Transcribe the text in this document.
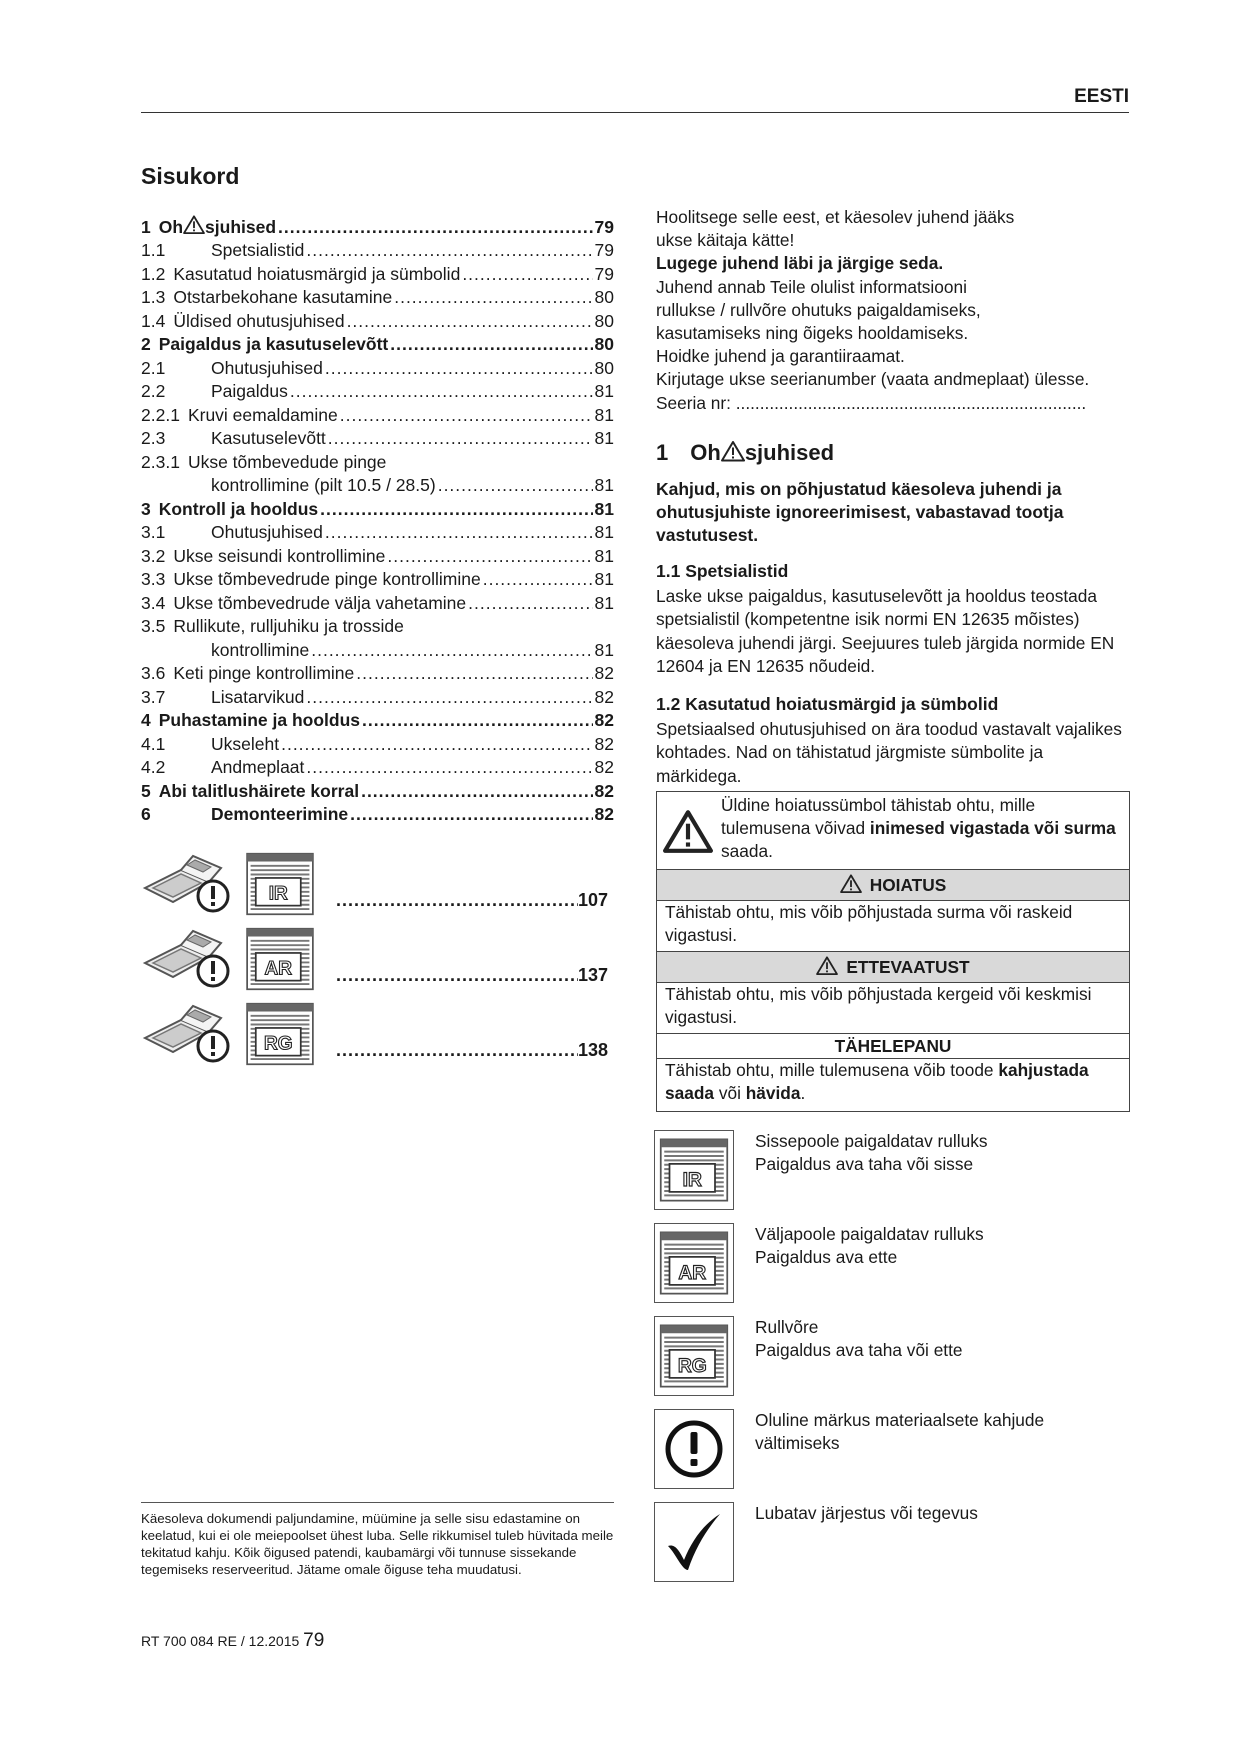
EESTI
Sisukord
1 Oh sjuhised .....	79
1.1	Spetsialistid .....	79
1.2 Kasutatud hoiatusmärgid ja sümbolid .....	79
1.3 Otstarbekohane kasutamine .....	80
1.4 Üldised ohutusjuhised .....	80
2 Paigaldus ja kasutuselevõtt .....	80
2.1	Ohutusjuhised .....	80
2.2	Paigaldus .....	81
2.2.1 Kruvi eemaldamine .....	81
2.3	Kasutuselevõtt .....	81
2.3.1 Ukse tõmbevedude pinge
kontrollimine (pilt 10.5 / 28.5) .....	81
3 Kontroll ja hooldus .....	81
3.1	Ohutusjuhised .....	81
3.2 Ukse seisundi kontrollimine .....	81
3.3 Ukse tõmbevedrude pinge kontrollimine .....	81
3.4 Ukse tõmbevedrude välja vahetamine .....	81
3.5 Rullikute, rulljuhiku ja trosside
kontrollimine .....	81
3.6 Keti pinge kontrollimine .....	82
3.7	Lisatarvikud .....	82
4 Puhastamine ja hooldus .....	82
4.1	Ukseleht .....	82
4.2	Andmeplaat .....	82
5 Abi talitlushäirete korral .....	82
6	Demonteerimine .....	82
IR .....	107
AR .....	137
RG .....	138

Käesoleva dokumendi paljundamine, müümine ja selle sisu edastamine on keelatud, kui ei ole meiepoolset ühest luba. Selle rikkumisel tuleb hüvitada meile tekitatud kahju. Kõik õigused patendi, kaubamärgi või tunnuse sissekande tegemiseks reserveeritud. Jätame omale õiguse teha muudatusi.

RT 700 084 RE / 12.2015 79

Hoolitsege selle eest, et käesolev juhend jääks

ukse käitaja kätte!

Lugege juhend läbi ja järgige seda.

Juhend annab Teile olulist informatsiooni

rullukse / rullvõre ohutuks paigaldamiseks,

kasutamiseks ning õigeks hooldamiseks.

Hoidke juhend ja garantiiraamat.

Kirjutage ukse seerianumber (vaata andmeplaat) ülesse.

Seeria nr: .........................................................................

1 Oh sjuhised

Kahjud, mis on põhjustatud käesoleva juhendi ja ohutusjuhiste ignoreerimisest, vabastavad tootja vastutusest.

1.1 Spetsialistid

Laske ukse paigaldus, kasutuselevõtt ja hooldus teostada spetsialistil (kompetentne isik normi EN 12635 mõistes) käesoleva juhendi järgi. Seejuures tuleb järgida normide EN 12604 ja EN 12635 nõudeid.

1.2 Kasutatud hoiatusmärgid ja sümbolid

Spetsiaalsed ohutusjuhised on ära toodud vastavalt vajalikes kohtades. Nad on tähistatud järgmiste sümbolite ja märkidega.

Üldine hoiatussümbol tähistab ohtu, mille tulemusena võivad inimesed vigastada või surma saada.
HOIATUS
Tähistab ohtu, mis võib põhjustada surma või raskeid vigastusi.
ETTEVAATUST
Tähistab ohtu, mis võib põhjustada kergeid või keskmisi vigastusi.
TÄHELEPANU
Tähistab ohtu, mille tulemusena võib toode kahjustada saada või hävida.
IR
Sissepoole paigaldatav rulluks
Paigaldus ava taha või sisse
AR
Väljapoole paigaldatav rulluks
Paigaldus ava ette
RG
Rullvõre
Paigaldus ava taha või ette
Oluline märkus materiaalsete kahjude
vältimiseks
Lubatav järjestus või tegevus
